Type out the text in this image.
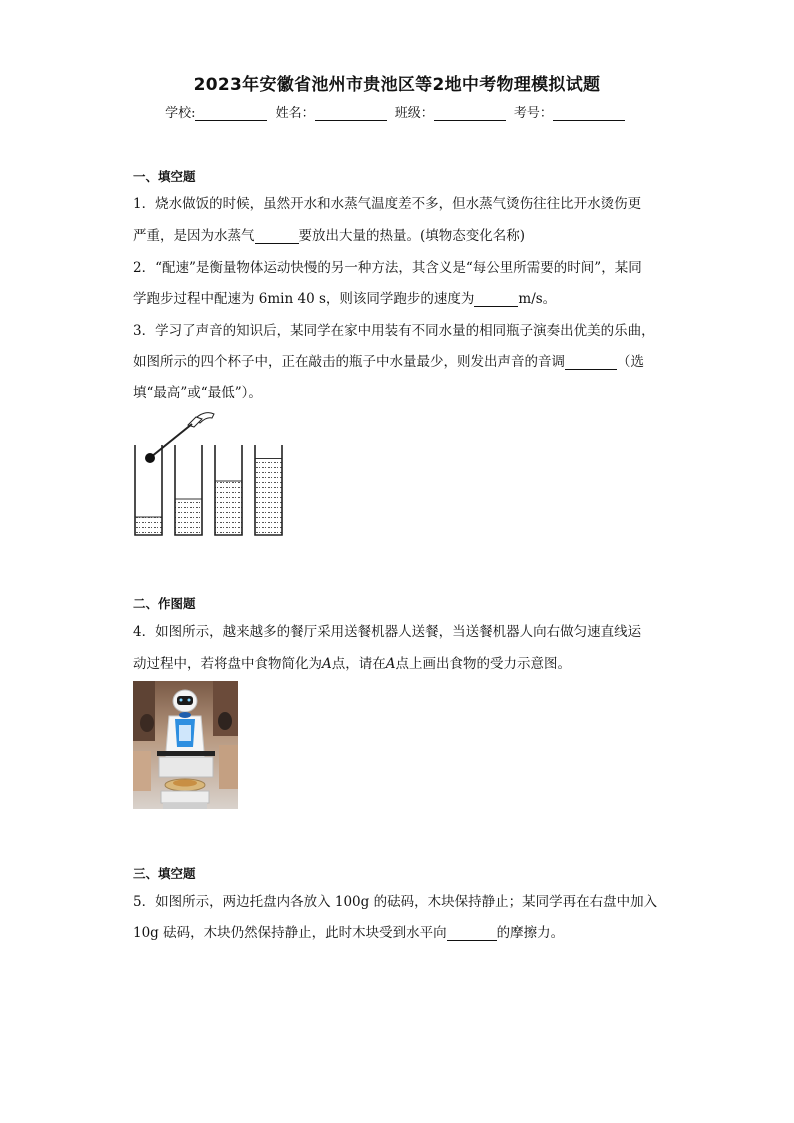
2023年安徽省池州市贵池区等2地中考物理模拟试题
学校:	姓名：	班级：	考号：
一、填空题
1．烧水做饭的时候，虽然开水和水蒸气温度差不多，但水蒸气烫伤往往比开水烫伤更
严重，是因为水蒸气	要放出大量的热量。(填物态变化名称)
2．“配速”是衡量物体运动快慢的另一种方法，其含义是“每公里所需要的时间”，某同
学跑步过程中配速为 6min 40 s，则该同学跑步的速度为	m/s。
3．学习了声音的知识后，某同学在家中用装有不同水量的相同瓶子演奏出优美的乐曲，
如图所示的四个杯子中，正在敲击的瓶子中水量最少，则发出声音的音调	（选
填“最高”或“最低”）。
二、作图题
4．如图所示，越来越多的餐厅采用送餐机器人送餐，当送餐机器人向右做匀速直线运
动过程中，若将盘中食物简化为A点，请在A点上画出食物的受力示意图。
三、填空题
5．如图所示，两边托盘内各放入 100g 的砝码，木块保持静止；某同学再在右盘中加入
10g 砝码，木块仍然保持静止，此时木块受到水平向	的摩擦力。
